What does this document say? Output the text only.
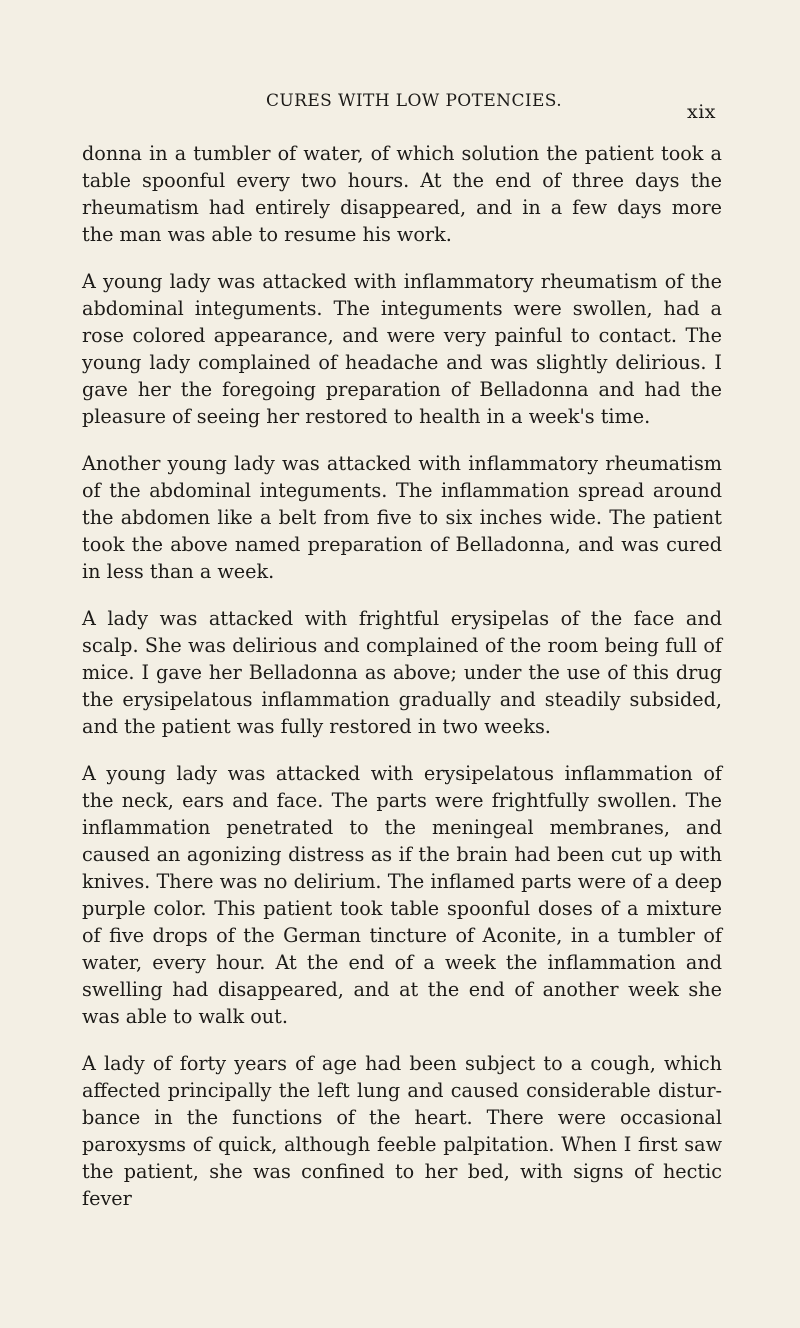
CURES WITH LOW POTENCIES.	xix

donna in a tumbler of water, of which solution the patient took a table spoonful every two hours. At the end of three days the rheumatism had entirely disappeared, and in a few days more the man was able to resume his work.

A young lady was attacked with inflammatory rheumatism of the abdominal integuments. The integuments were swollen, had a rose colored appearance, and were very painful to contact. The young lady complained of headache and was slightly delirious. I gave her the foregoing preparation of Belladonna and had the pleasure of seeing her restored to health in a week's time.

Another young lady was attacked with inflammatory rheumatism of the abdominal integuments. The inflammation spread around the abdomen like a belt from five to six inches wide. The patient took the above named preparation of Belladonna, and was cured in less than a week.

A lady was attacked with frightful erysipelas of the face and scalp. She was delirious and complained of the room being full of mice. I gave her Belladonna as above; under the use of this drug the erysipelatous inflammation gradually and steadily subsided, and the patient was fully restored in two weeks.

A young lady was attacked with erysipelatous inflammation of the neck, ears and face. The parts were frightfully swollen. The inflammation penetrated to the meningeal membranes, and caused an agonizing distress as if the brain had been cut up with knives. There was no delirium. The inflamed parts were of a deep purple color. This patient took table spoonful doses of a mixture of five drops of the German tincture of Aconite, in a tumbler of water, every hour. At the end of a week the inflammation and swelling had disappeared, and at the end of another week she was able to walk out.

A lady of forty years of age had been subject to a cough, which affected principally the left lung and caused considerable distur- bance in the functions of the heart. There were occasional paroxysms of quick, although feeble palpitation. When I first saw the patient, she was confined to her bed, with signs of hectic fever
